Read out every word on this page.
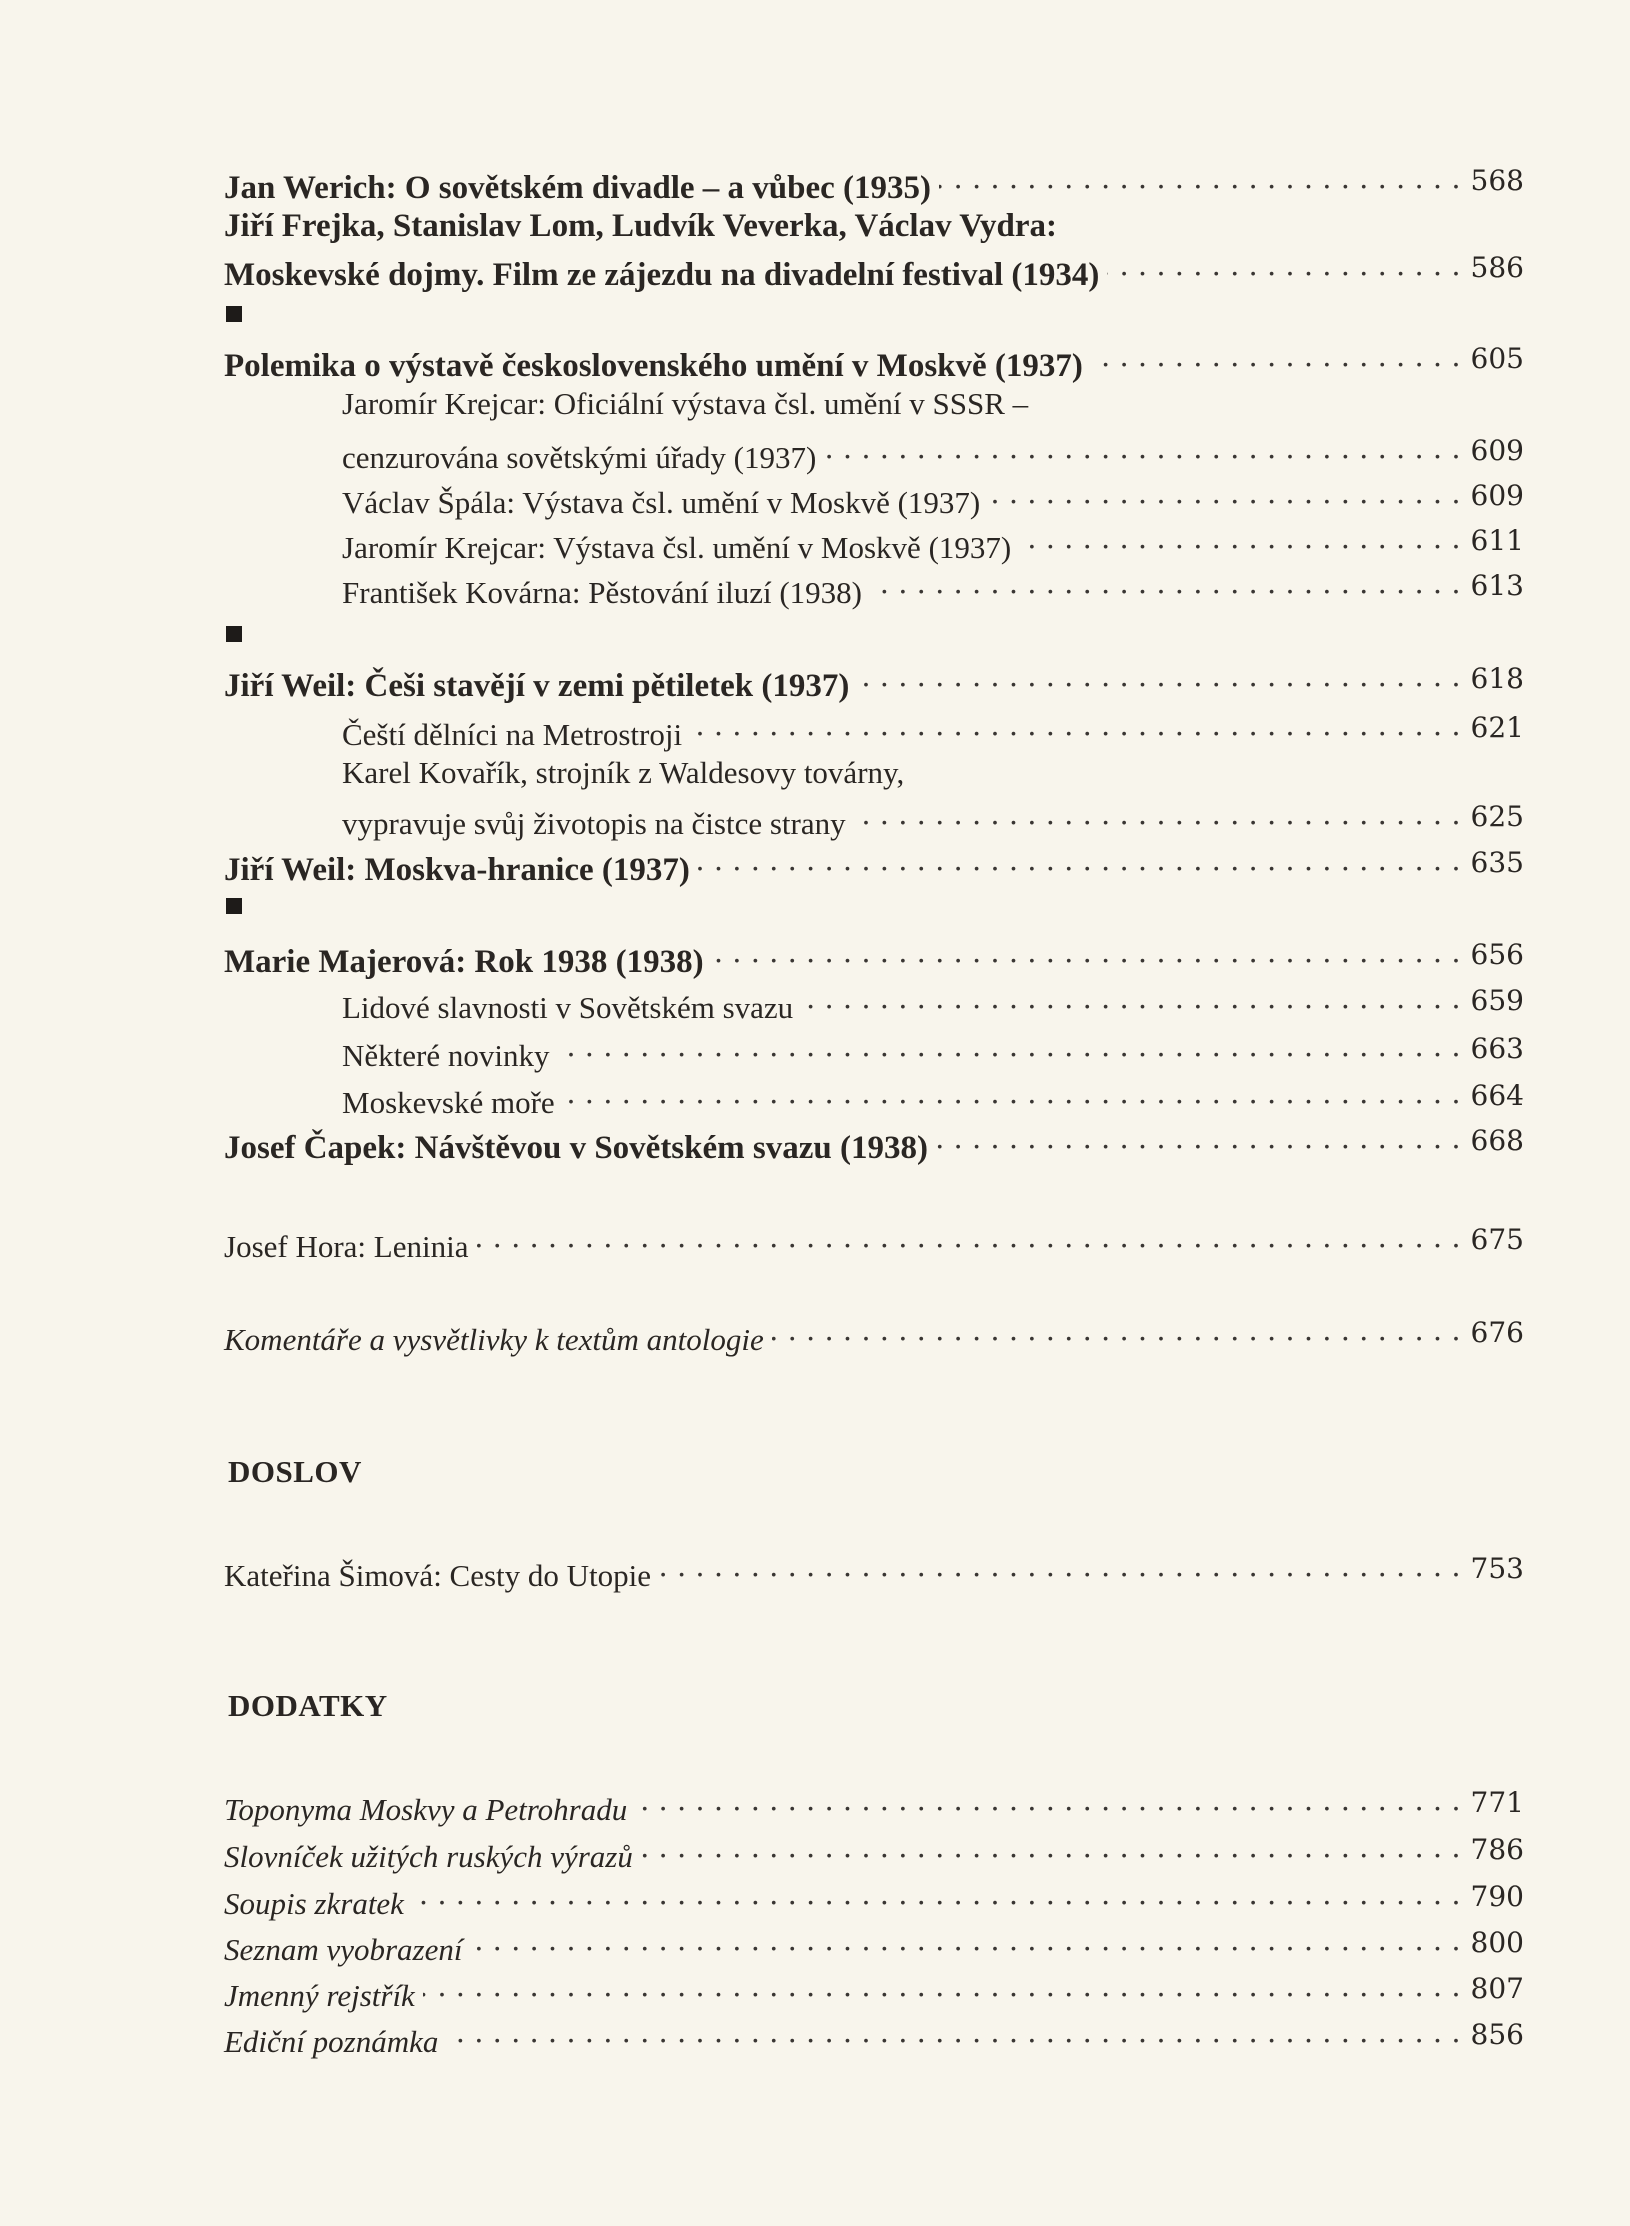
Jan Werich: O sovětském divadle – a vůbec (1935) . . .	568
Jiří Frejka, Stanislav Lom, Ludvík Veverka, Václav Vydra:
Moskevské dojmy. Film ze zájezdu na divadelní festival (1934) . . .	586
Polemika o výstavě československého umění v Moskvě (1937) . . .	605
Jaromír Krejcar: Oficiální výstava čsl. umění v SSSR –
cenzurována sovětskými úřady (1937) . . .	609
Václav Špála: Výstava čsl. umění v Moskvě (1937) . . .	609
Jaromír Krejcar: Výstava čsl. umění v Moskvě (1937) . . .	611
František Kovárna: Pěstování iluzí (1938) . . .	613
Jiří Weil: Češi stavějí v zemi pětiletek (1937) . . .	618
Čeští dělníci na Metrostroji . . .	621
Karel Kovařík, strojník z Waldesovy továrny,
vypravuje svůj životopis na čistce strany . . .	625
Jiří Weil: Moskva-hranice (1937) . . .	635
Marie Majerová: Rok 1938 (1938) . . .	656
Lidové slavnosti v Sovětském svazu . . .	659
Některé novinky . . .	663
Moskevské moře . . .	664
Josef Čapek: Návštěvou v Sovětském svazu (1938) . . .	668
Josef Hora: Leninia . . .	675
Komentáře a vysvětlivky k textům antologie . . .	676
DOSLOV
Kateřina Šimová: Cesty do Utopie . . .	753
DODATKY
Toponyma Moskvy a Petrohradu . . .	771
Slovníček užitých ruských výrazů . . .	786
Soupis zkratek . . .	790
Seznam vyobrazení . . .	800
Jmenný rejstřík . . .	807
Ediční poznámka . . .	856
